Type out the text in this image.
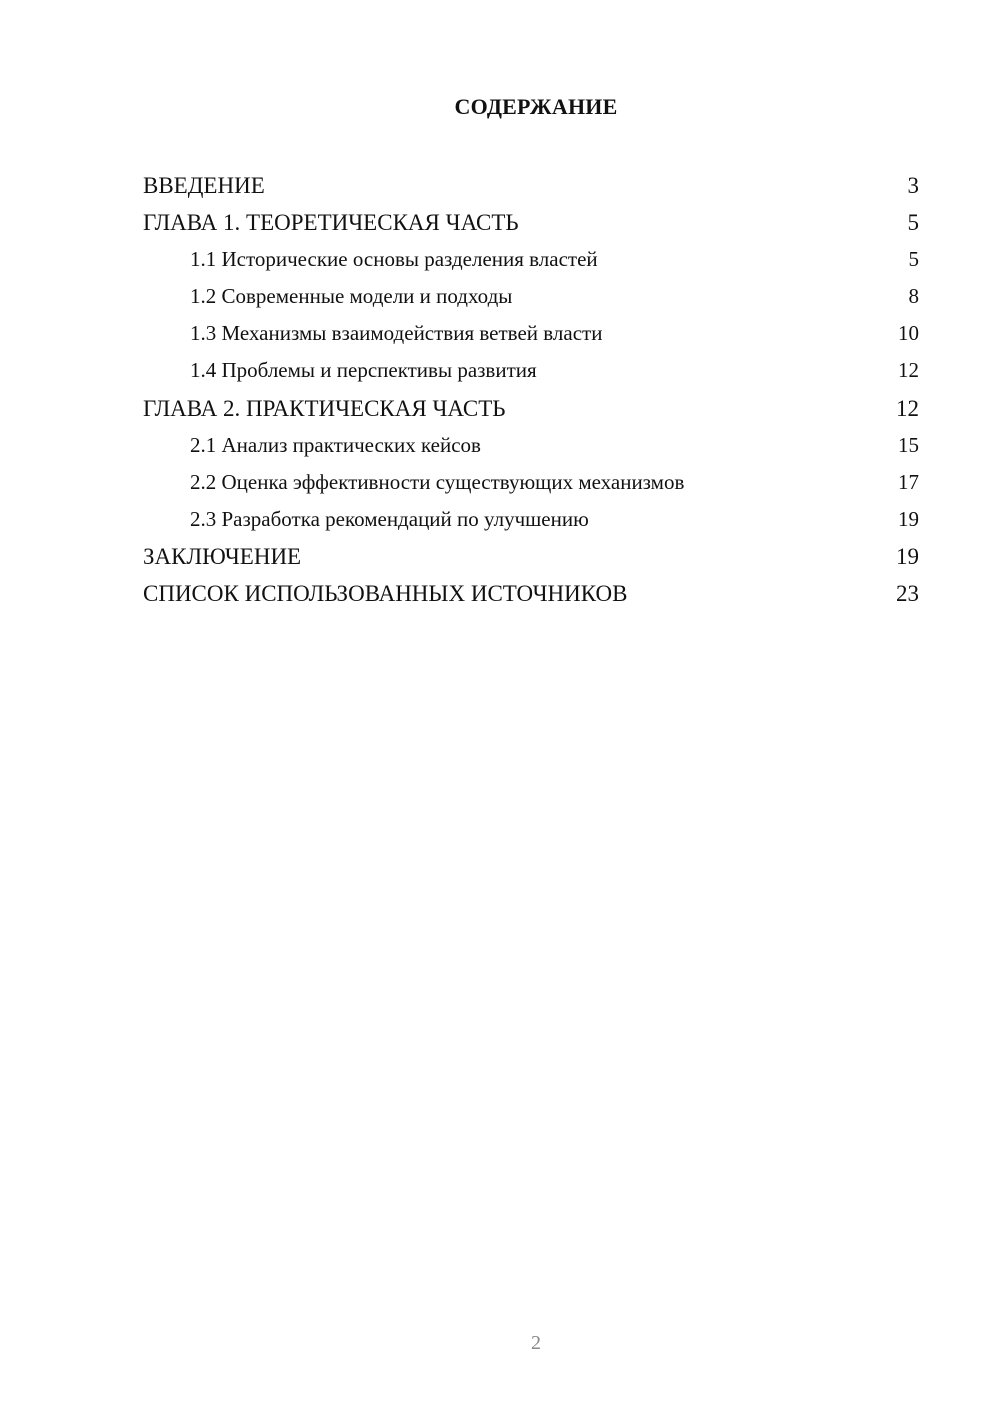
СОДЕРЖАНИЕ
ВВЕДЕНИЕ	3
ГЛАВА 1. ТЕОРЕТИЧЕСКАЯ ЧАСТЬ	5
1.1 Исторические основы разделения властей	5
1.2 Современные модели и подходы	8
1.3 Механизмы взаимодействия ветвей власти	10
1.4 Проблемы и перспективы развития	12
ГЛАВА 2. ПРАКТИЧЕСКАЯ ЧАСТЬ	12
2.1 Анализ практических кейсов	15
2.2 Оценка эффективности существующих механизмов	17
2.3 Разработка рекомендаций по улучшению	19
ЗАКЛЮЧЕНИЕ	19
СПИСОК ИСПОЛЬЗОВАННЫХ ИСТОЧНИКОВ	23
2
